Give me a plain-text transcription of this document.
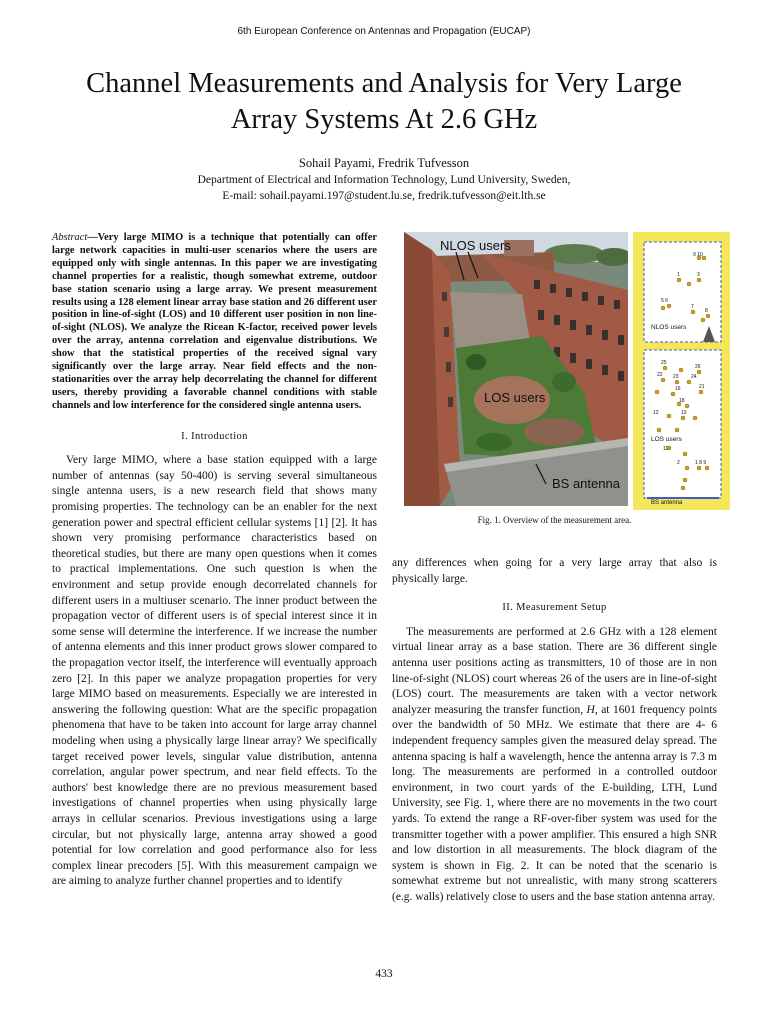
6th European Conference on Antennas and Propagation (EUCAP)
Channel Measurements and Analysis for Very Large
Array Systems At 2.6 GHz
Sohail Payami, Fredrik Tufvesson
Department of Electrical and Information Technology, Lund University, Sweden,
E-mail: sohail.payami.197@student.lu.se, fredrik.tufvesson@eit.lth.se

Abstract—Very large MIMO is a technique that potentially can offer large network capacities in multi-user scenarios where the users are equipped only with single antennas. In this paper we are investigating channel properties for a realistic, though somewhat extreme, outdoor base station scenario using a large array. We present measurement results using a 128 element linear array base station and 26 different user position in line-of-sight (LOS) and 10 different user position in non line-of-sight (NLOS). We analyze the Ricean K-factor, received power levels over the array, antenna correlation and eigenvalue distributions. We show that the statistical properties of the received signal vary significantly over the large array. Near field effects and the non-stationarities over the array help decorrelating the channel for different users, thereby providing a favorable channel conditions with stable channels and low interference for the considered single antenna users.

I. Introduction

Very large MIMO, where a base station equipped with a large number of antennas (say 50-400) is serving several simultaneous single antenna users, is a new research field that shows many promising properties. The technology can be an enabler for the next generation power and spectral efficient cellular systems [1] [2]. It has shown very promising performance characteristics based on theoretical studies, but there are many open questions when it comes to practical implementations. One such question is when the environment and setup provide enough decorrelated channels for different users in a multiuser scenario. The inner product between the propagation vector of different users is of special interest since it in some sense will determine the interference. If we increase the number of antenna elements and this inner product grows slower compared to the propagation vector itself, the interference will eventually approach zero [2]. In this paper we analyze propagation properties for very large MIMO based on measurements. Especially we are interested in answering the following question: What are the specific propagation phenomena that have to be taken into account for large array channel modeling when using a physically large linear array? We specifically target received power levels, singular value distribution, antenna correlation, angular power spectrum, and near field effects. To the authors' best knowledge there are no previous measurement based investigations of channel properties when using physically large arrays in cellular scenarios. Previous investigations using a large circular, but not physically large, antenna array showed a good potential for low correlation and good performance also for less complex linear precoders [5]. With this measurement campaign we are aiming to analyze further channel properties and to identify

NLOS users
LOS users
BS antenna
9 10
1	3
5 6
7
8
NLOS users
25
26
22 23 24
21
16
18
12	13
LOS users
11
2	1 8 9
BS antenna
Fig. 1. Overview of the measurement area.

any differences when going for a very large array that also is physically large.

II. Measurement Setup

The measurements are performed at 2.6 GHz with a 128 element virtual linear array as a base station. There are 36 different single antenna user positions acting as transmitters, 10 of those are in non line-of-sight (NLOS) court whereas 26 of the users are in line-of-sight (LOS) court. The measurements are taken with a vector network analyzer measuring the transfer function, H, at 1601 frequency points over the bandwidth of 50 MHz. We estimate that there are 4- 6 independent frequency samples given the measured delay spread. The antenna spacing is half a wavelength, hence the antenna array is 7.3 m long. The measurements are performed in a controlled outdoor environment, in two court yards of the E-building, LTH, Lund University, see Fig. 1, where there are no movements in the two court yards. To extend the range a RF-over-fiber system was used for the transmitter together with a power amplifier. This ensured a high SNR and low distortion in all measurements. The block diagram of the system is shown in Fig. 2. It can be noted that the scenario is somewhat extreme but not unrealistic, with many strong scatterers (e.g. walls) relatively close to users and the base station antenna array.

433
